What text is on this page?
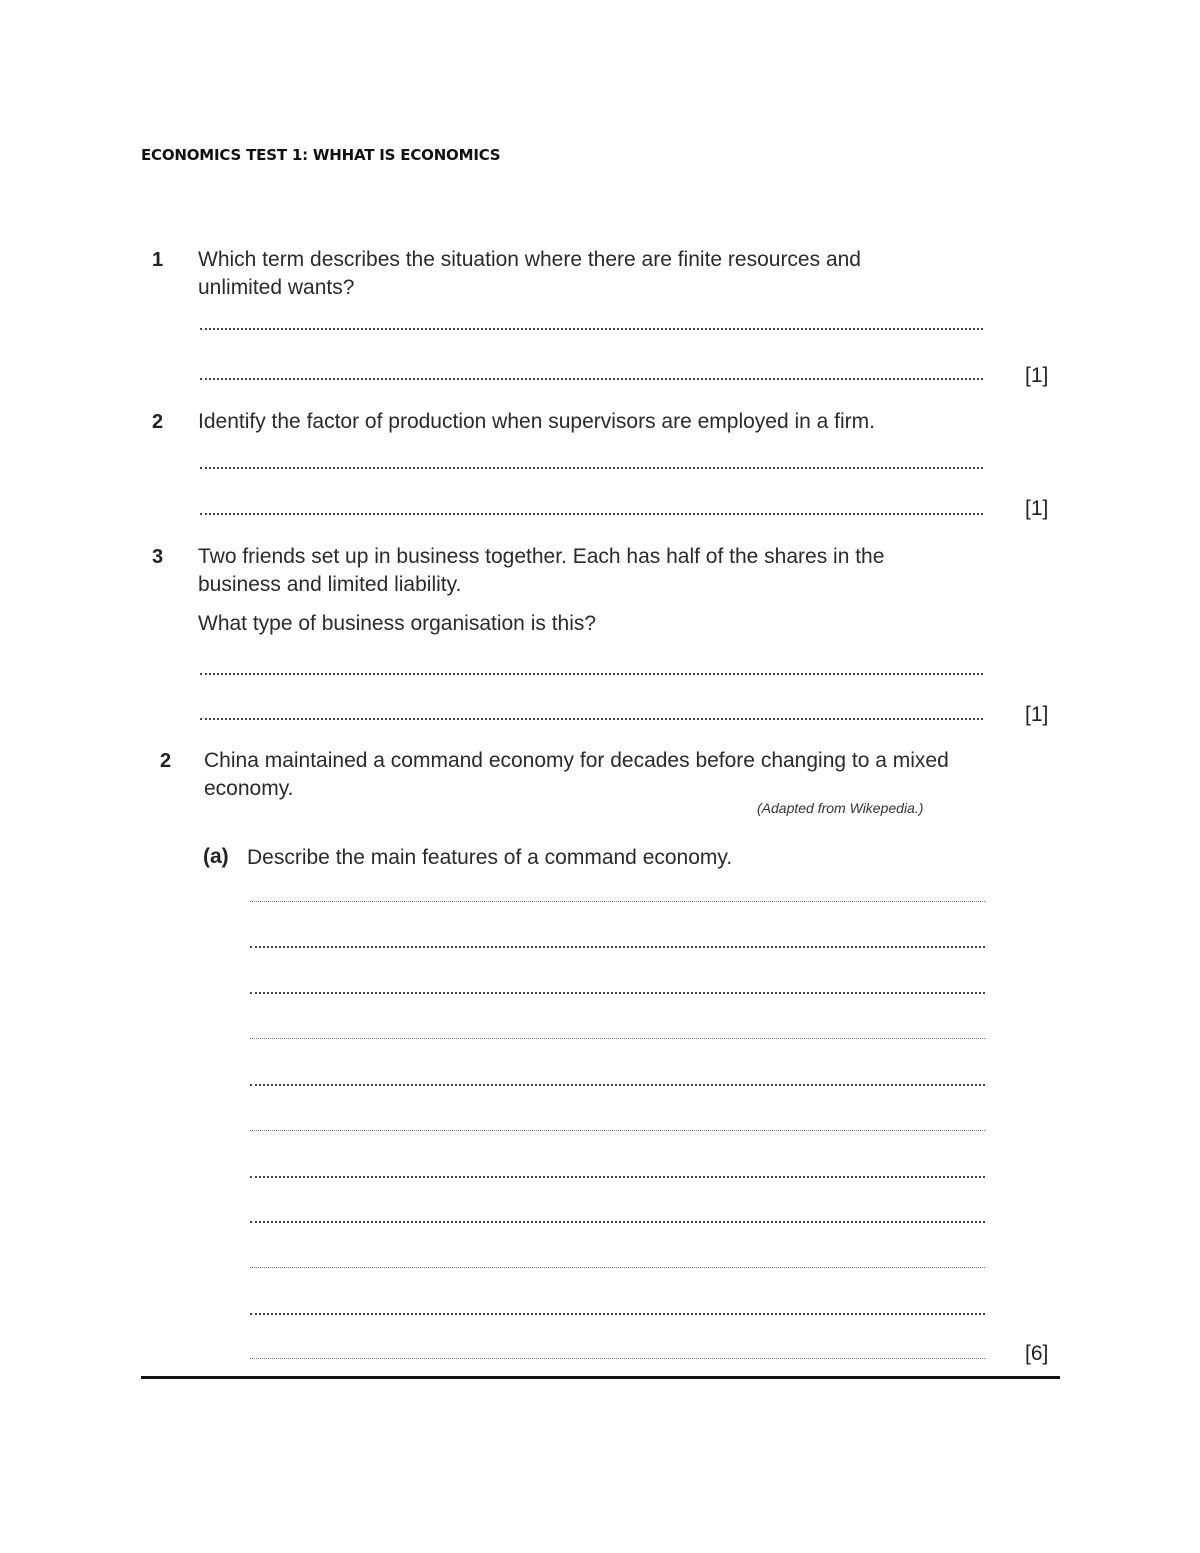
ECONOMICS TEST 1: WHHAT IS ECONOMICS
1 Which term describes the situation where there are finite resources and unlimited wants?
[1]
2 Identify the factor of production when supervisors are employed in a firm.
[1]
3 Two friends set up in business together. Each has half of the shares in the business and limited liability.
What type of business organisation is this?
[1]
2 China maintained a command economy for decades before changing to a mixed economy.
(Adapted from Wikepedia.)
(a) Describe the main features of a command economy.
[6]
